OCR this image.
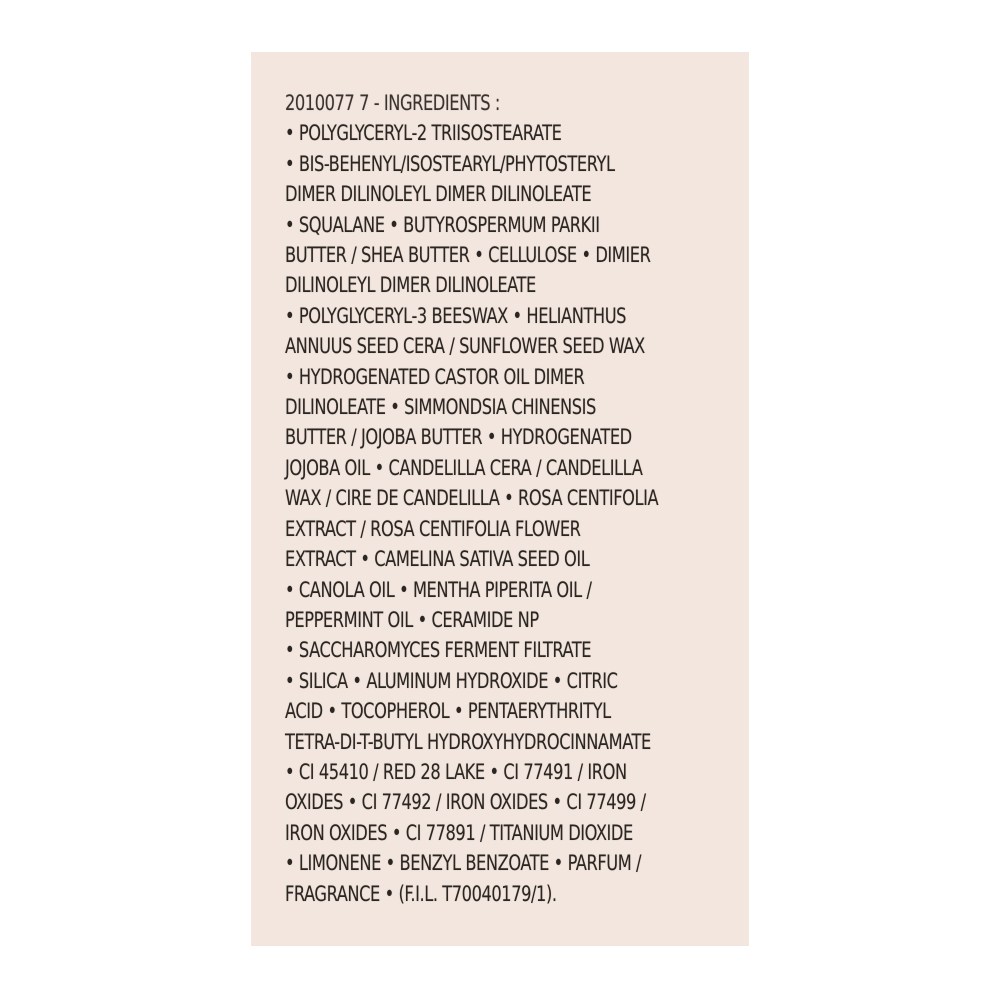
2010077 7 - INGREDIENTS :
• POLYGLYCERYL-2 TRIISOSTEARATE
• BIS-BEHENYL/ISOSTEARYL/PHYTOSTERYL
DIMER DILINOLEYL DIMER DILINOLEATE
• SQUALANE • BUTYROSPERMUM PARKII
BUTTER / SHEA BUTTER • CELLULOSE • DIMIER
DILINOLEYL DIMER DILINOLEATE
• POLYGLYCERYL-3 BEESWAX • HELIANTHUS
ANNUUS SEED CERA / SUNFLOWER SEED WAX
• HYDROGENATED CASTOR OIL DIMER
DILINOLEATE • SIMMONDSIA CHINENSIS
BUTTER / JOJOBA BUTTER • HYDROGENATED
JOJOBA OIL • CANDELILLA CERA / CANDELILLA
WAX / CIRE DE CANDELILLA • ROSA CENTIFOLIA
EXTRACT / ROSA CENTIFOLIA FLOWER
EXTRACT • CAMELINA SATIVA SEED OIL
• CANOLA OIL • MENTHA PIPERITA OIL /
PEPPERMINT OIL • CERAMIDE NP
• SACCHAROMYCES FERMENT FILTRATE
• SILICA • ALUMINUM HYDROXIDE • CITRIC
ACID • TOCOPHEROL • PENTAERYTHRITYL
TETRA-DI-T-BUTYL HYDROXYHYDROCINNAMATE
• CI 45410 / RED 28 LAKE • CI 77491 / IRON
OXIDES • CI 77492 / IRON OXIDES • CI 77499 /
IRON OXIDES • CI 77891 / TITANIUM DIOXIDE
• LIMONENE • BENZYL BENZOATE • PARFUM /
FRAGRANCE • (F.I.L. T70040179/1).
